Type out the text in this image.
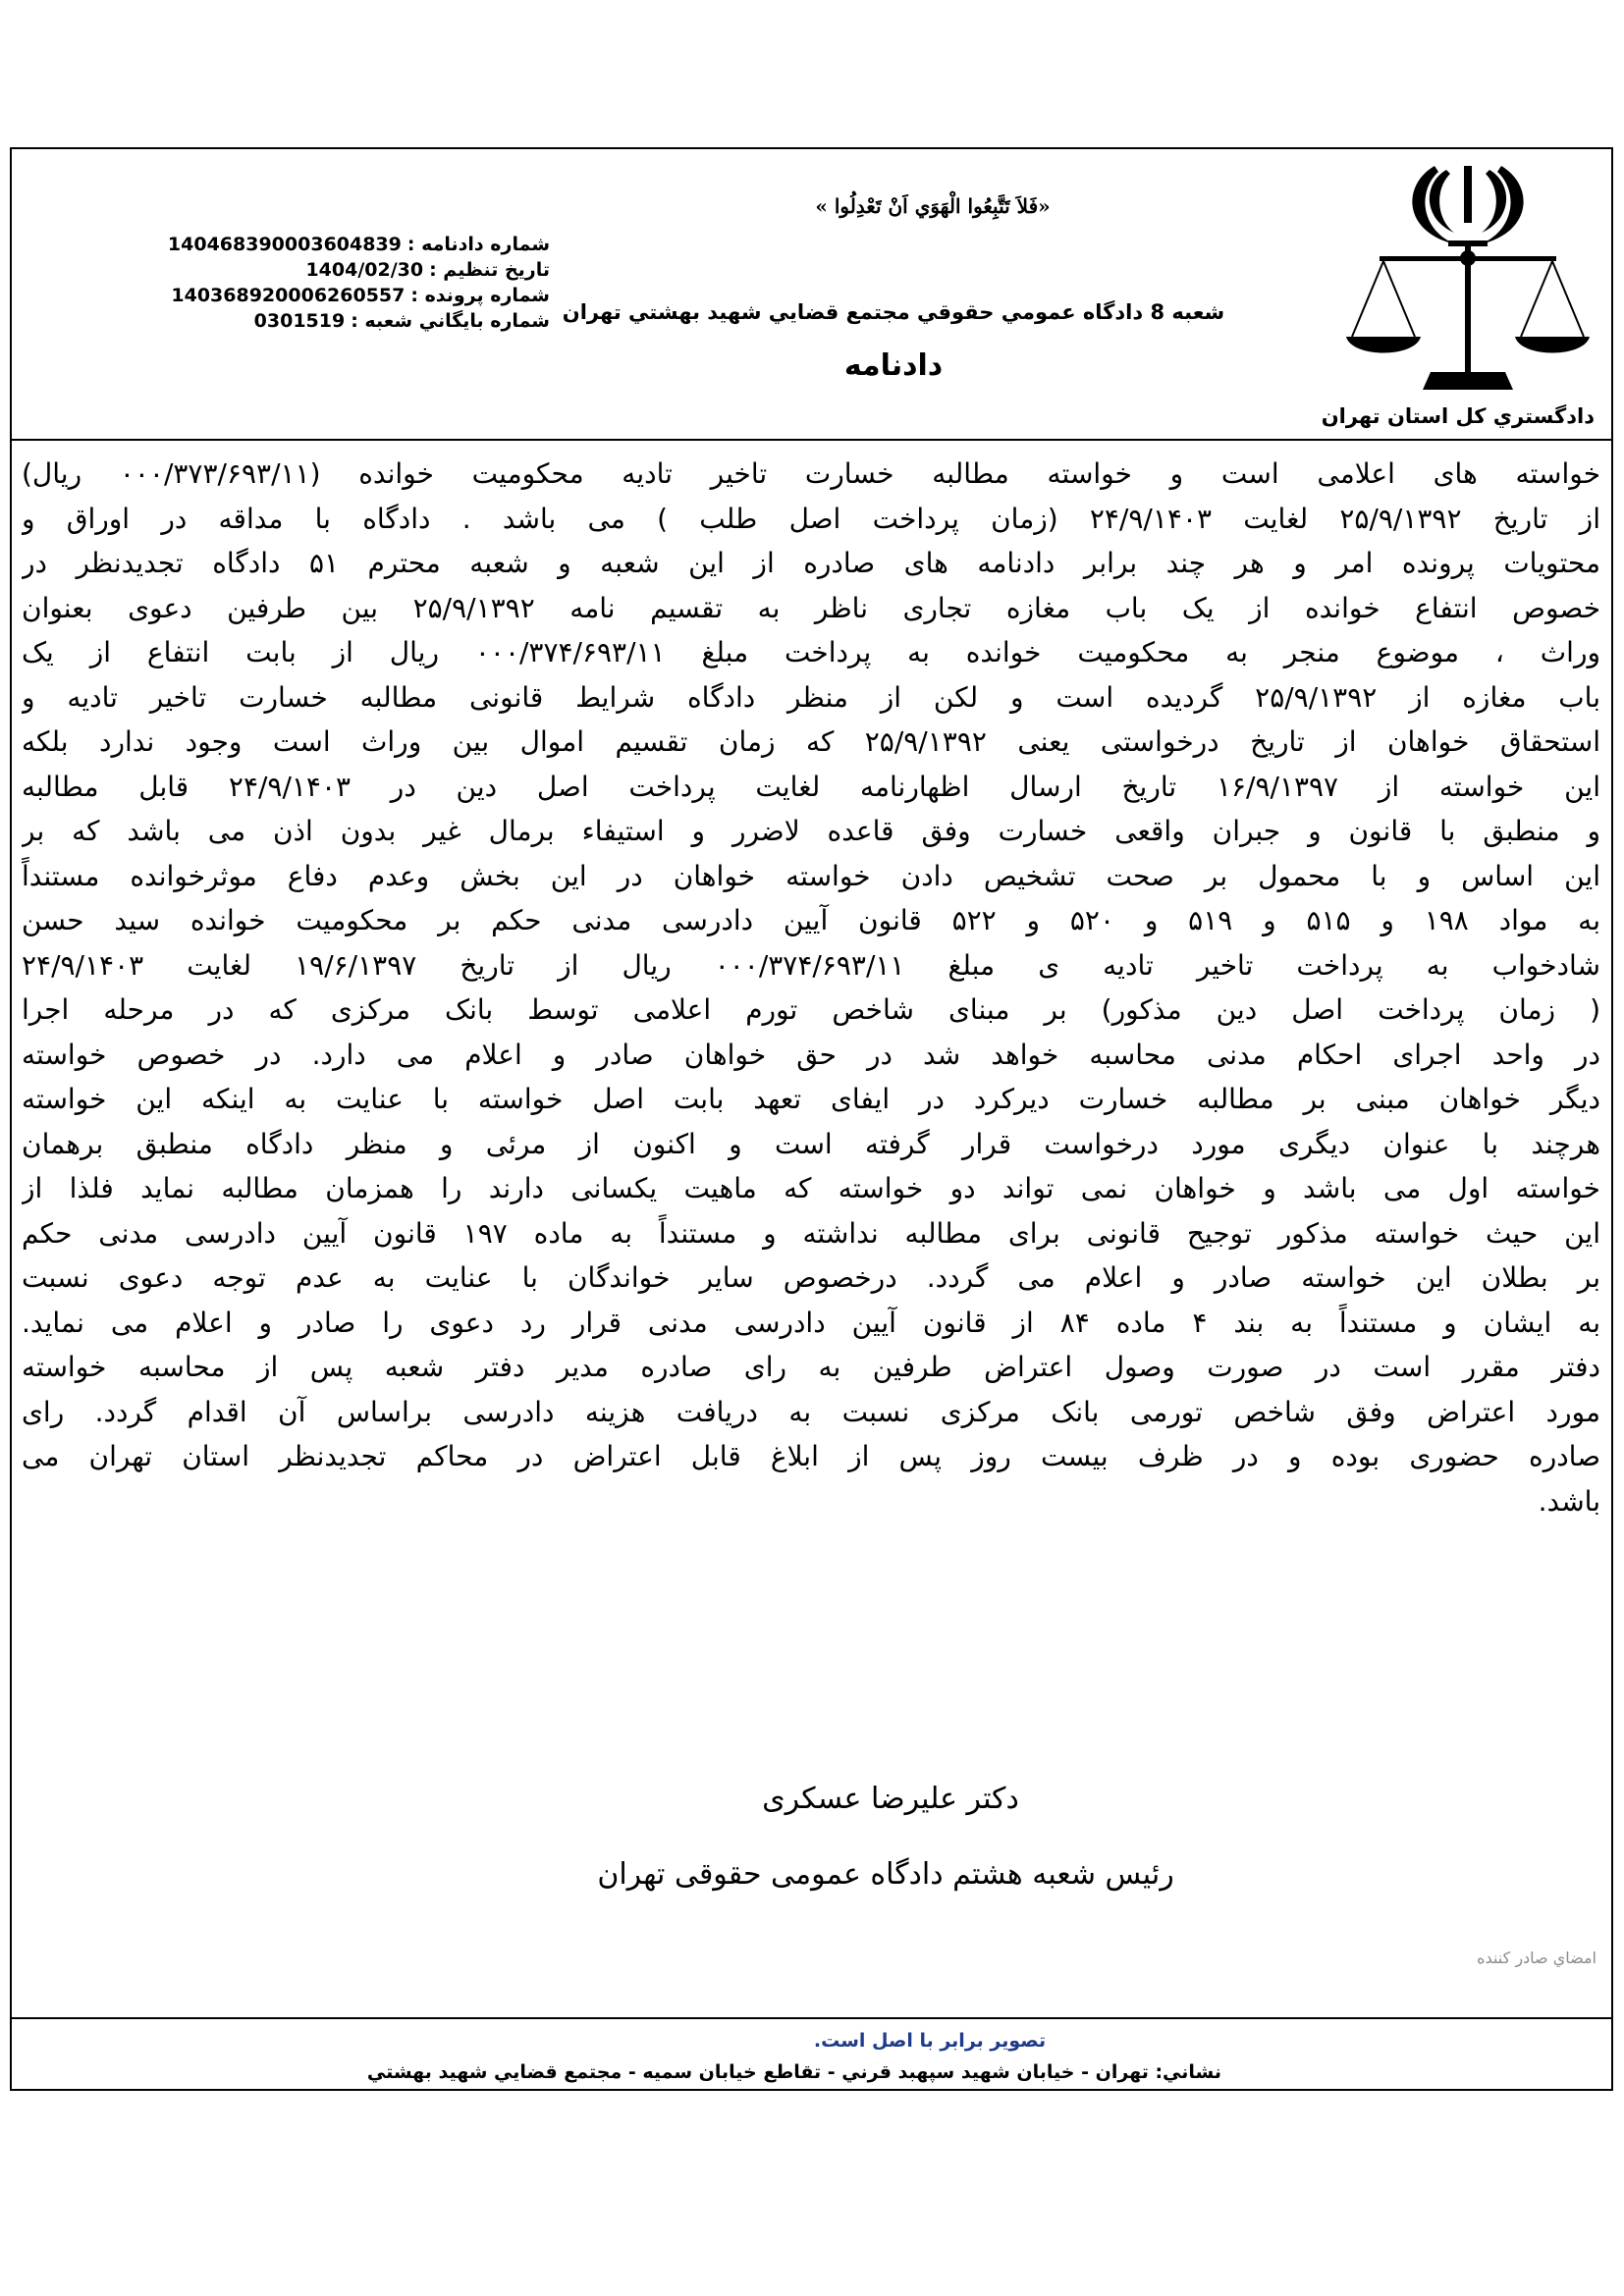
دادگستري كل استان تهران
«فَلاَ تَتَّبِعُوا الْهَوَي اَنْ تَعْدِلُوا »
شعبه 8 دادگاه عمومي حقوقي مجتمع قضايي شهيد بهشتي تهران
دادنامه
شماره دادنامه :
140468390003604839
تاريخ تنظيم :
1404/02/30
شماره پرونده :
140368920006260557
شماره بايگاني شعبه :
0301519
خواسته های اعلامی است و خواسته مطالبه خسارت تاخیر تادیه محکومیت خوانده (۰۰۰/۳۷۳/۶۹۳/۱۱ ریال)
از تاریخ ۲۵/۹/۱۳۹۲ لغایت ۲۴/۹/۱۴۰۳ (زمان پرداخت اصل طلب ) می باشد . دادگاه با مداقه در اوراق و
محتویات پرونده امر و هر چند برابر دادنامه های صادره از این شعبه و شعبه محترم ۵۱ دادگاه تجدیدنظر در
خصوص انتفاع خوانده از یک باب مغازه تجاری ناظر به تقسیم نامه ۲۵/۹/۱۳۹۲ بین طرفین دعوی بعنوان
وراث ، موضوع منجر به محکومیت خوانده به پرداخت مبلغ ۰۰۰/۳۷۴/۶۹۳/۱۱ ریال از بابت انتفاع از یک
باب مغازه از ۲۵/۹/۱۳۹۲ گردیده است و لکن از منظر دادگاه شرایط قانونی مطالبه خسارت تاخیر تادیه و
استحقاق خواهان از تاریخ درخواستی یعنی ۲۵/۹/۱۳۹۲ که زمان تقسیم اموال بین وراث است وجود ندارد بلکه
این خواسته از ۱۶/۹/۱۳۹۷ تاریخ ارسال اظهارنامه لغایت پرداخت اصل دین در ۲۴/۹/۱۴۰۳ قابل مطالبه
و منطبق با قانون و جبران واقعی خسارت وفق قاعده لاضرر و استیفاء برمال غیر بدون اذن می باشد که بر
این اساس و با محمول بر صحت تشخیص دادن خواسته خواهان در این بخش وعدم دفاع موثرخوانده مستنداً
به مواد ۱۹۸ و ۵۱۵ و ۵۱۹ و ۵۲۰ و ۵۲۲ قانون آیین دادرسی مدنی حکم بر محکومیت خوانده سید حسن
شادخواب به پرداخت تاخیر تادیه ی مبلغ ۰۰۰/۳۷۴/۶۹۳/۱۱ ریال از تاریخ ۱۹/۶/۱۳۹۷ لغایت ۲۴/۹/۱۴۰۳
( زمان پرداخت اصل دین مذکور) بر مبنای شاخص تورم اعلامی توسط بانک مرکزی که در مرحله اجرا
در واحد اجرای احکام مدنی محاسبه خواهد شد در حق خواهان صادر و اعلام می دارد. در خصوص خواسته
دیگر خواهان مبنی بر مطالبه خسارت دیرکرد در ایفای تعهد بابت اصل خواسته با عنایت به اینکه این خواسته
هرچند با عنوان دیگری مورد درخواست قرار گرفته است و اکنون از مرئی و منظر دادگاه منطبق برهمان
خواسته اول می باشد و خواهان نمی تواند دو خواسته که ماهیت یکسانی دارند را همزمان مطالبه نماید فلذا از
این حیث خواسته مذکور توجیح قانونی برای مطالبه نداشته و مستنداً به ماده ۱۹۷ قانون آیین دادرسی مدنی حکم
بر بطلان این خواسته صادر و اعلام می گردد. درخصوص سایر خواندگان با عنایت به عدم توجه دعوی نسبت
به ایشان و مستنداً به بند ۴ ماده ۸۴ از قانون آیین دادرسی مدنی قرار رد دعوی را صادر و اعلام می نماید.
دفتر مقرر است در صورت وصول اعتراض طرفین به رای صادره مدیر دفتر شعبه پس از محاسبه خواسته
مورد اعتراض وفق شاخص تورمی بانک مرکزی نسبت به دریافت هزینه دادرسی براساس آن اقدام گردد. رای
صادره حضوری بوده و در ظرف بیست روز پس از ابلاغ قابل اعتراض در محاکم تجدیدنظر استان تهران می
باشد.
دکتر علیرضا عسکری
رئیس شعبه هشتم دادگاه عمومی حقوقی تهران
امضاي صادر كننده
تصوير برابر با اصل است.
نشاني: تهران - خيابان شهيد سپهبد قرني - تقاطع خيابان سميه - مجتمع قضايي شهيد بهشتي
